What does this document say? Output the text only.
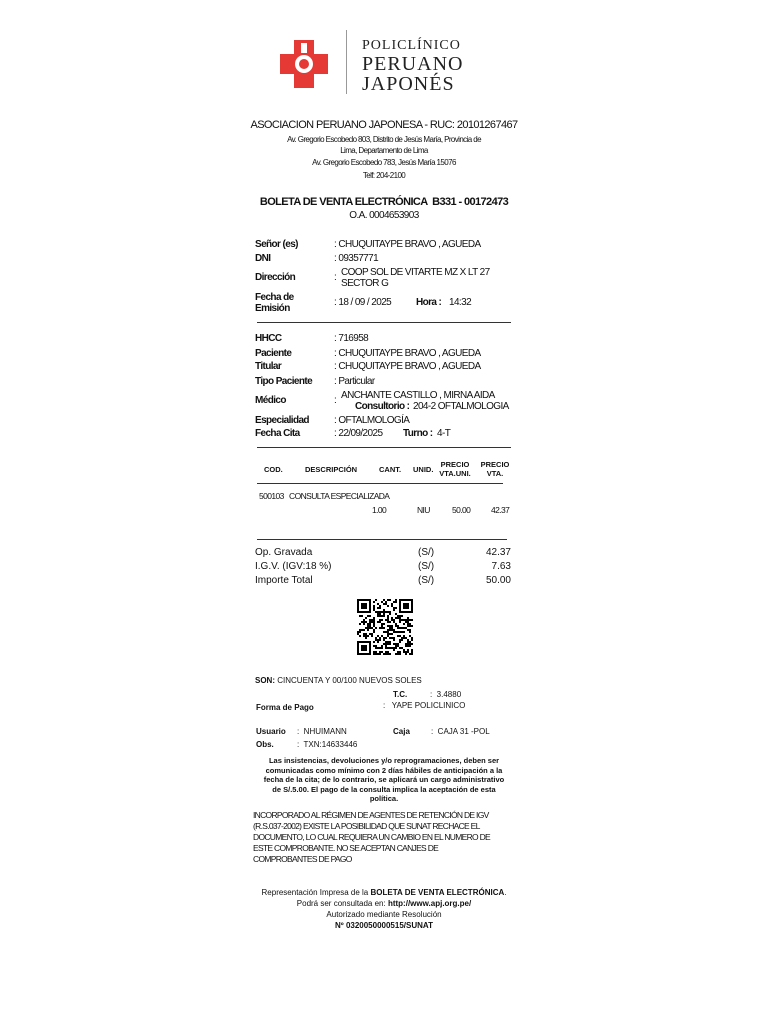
POLICLÍNICO
PERUANO
JAPONÉS
ASOCIACION PERUANO JAPONESA - RUC: 20101267467
Av. Gregorio Escobedo 803, Distrito de Jesús María, Provincia de
Lima, Departamento de Lima
Av. Gregorio Escobedo 783, Jesús María 15076
Telf: 204-2100
BOLETA DE VENTA ELECTRÓNICA  B331 - 00172473
O.A. 0004653903
Señor (es)	: CHUQUITAYPE BRAVO , AGUEDA
DNI	: 09357771
Dirección	: COOP SOL DE VITARTE MZ X LT 27
SECTOR G
Fecha de
Emisión
: 18 / 09 / 2025 Hora : 14:32
HHCC	: 716958
Paciente	: CHUQUITAYPE BRAVO , AGUEDA
Titular	: CHUQUITAYPE BRAVO , AGUEDA
Tipo Paciente : Particular
Médico	: ANCHANTE CASTILLO , MIRNA AIDA
Consultorio : 204-2 OFTALMOLOGIA
Especialidad	: OFTALMOLOGÍA
Fecha Cita	: 22/09/2025 Turno : 4-T
COD.	DESCRIPCIÓN	CANT. UNID.
PRECIO
VTA.UNI.
PRECIO
VTA.
500103   CONSULTA ESPECIALIZADA
1.00	NIU	50.00 42.37
Op. Gravada	(S/)	42.37
I.G.V. (IGV:18 %)	(S/)	7.63
Importe Total	(S/)	50.00
SON: CINCUENTA Y 00/100 NUEVOS SOLES
T.C.	:  3.4880
Forma de Pago	:   YAPE POLICLINICO
Usuario :  NHUIMANN	Caja	:  CAJA 31 -POL
Obs.	:  TXN:14633446
Las insistencias, devoluciones y/o reprogramaciones, deben ser
comunicadas como mínimo con 2 días hábiles de anticipación a la
fecha de la cita; de lo contrario, se aplicará un cargo administrativo
de S/.5.00. El pago de la consulta implica la aceptación de esta
política.
INCORPORADO AL RÉGIMEN DE AGENTES DE RETENCIÓN DE IGV
(R.S.037-2002) EXISTE LA POSIBILIDAD QUE SUNAT RECHACE EL
DOCUMENTO, LO CUAL REQUIERA UN CAMBIO EN EL NUMERO DE
ESTE COMPROBANTE. NO SE ACEPTAN CANJES DE
COMPROBANTES DE PAGO
Representación Impresa de la BOLETA DE VENTA ELECTRÓNICA.
Podrá ser consultada en: http://www.apj.org.pe/
Autorizado mediante Resolución
Nº 0320050000515/SUNAT
